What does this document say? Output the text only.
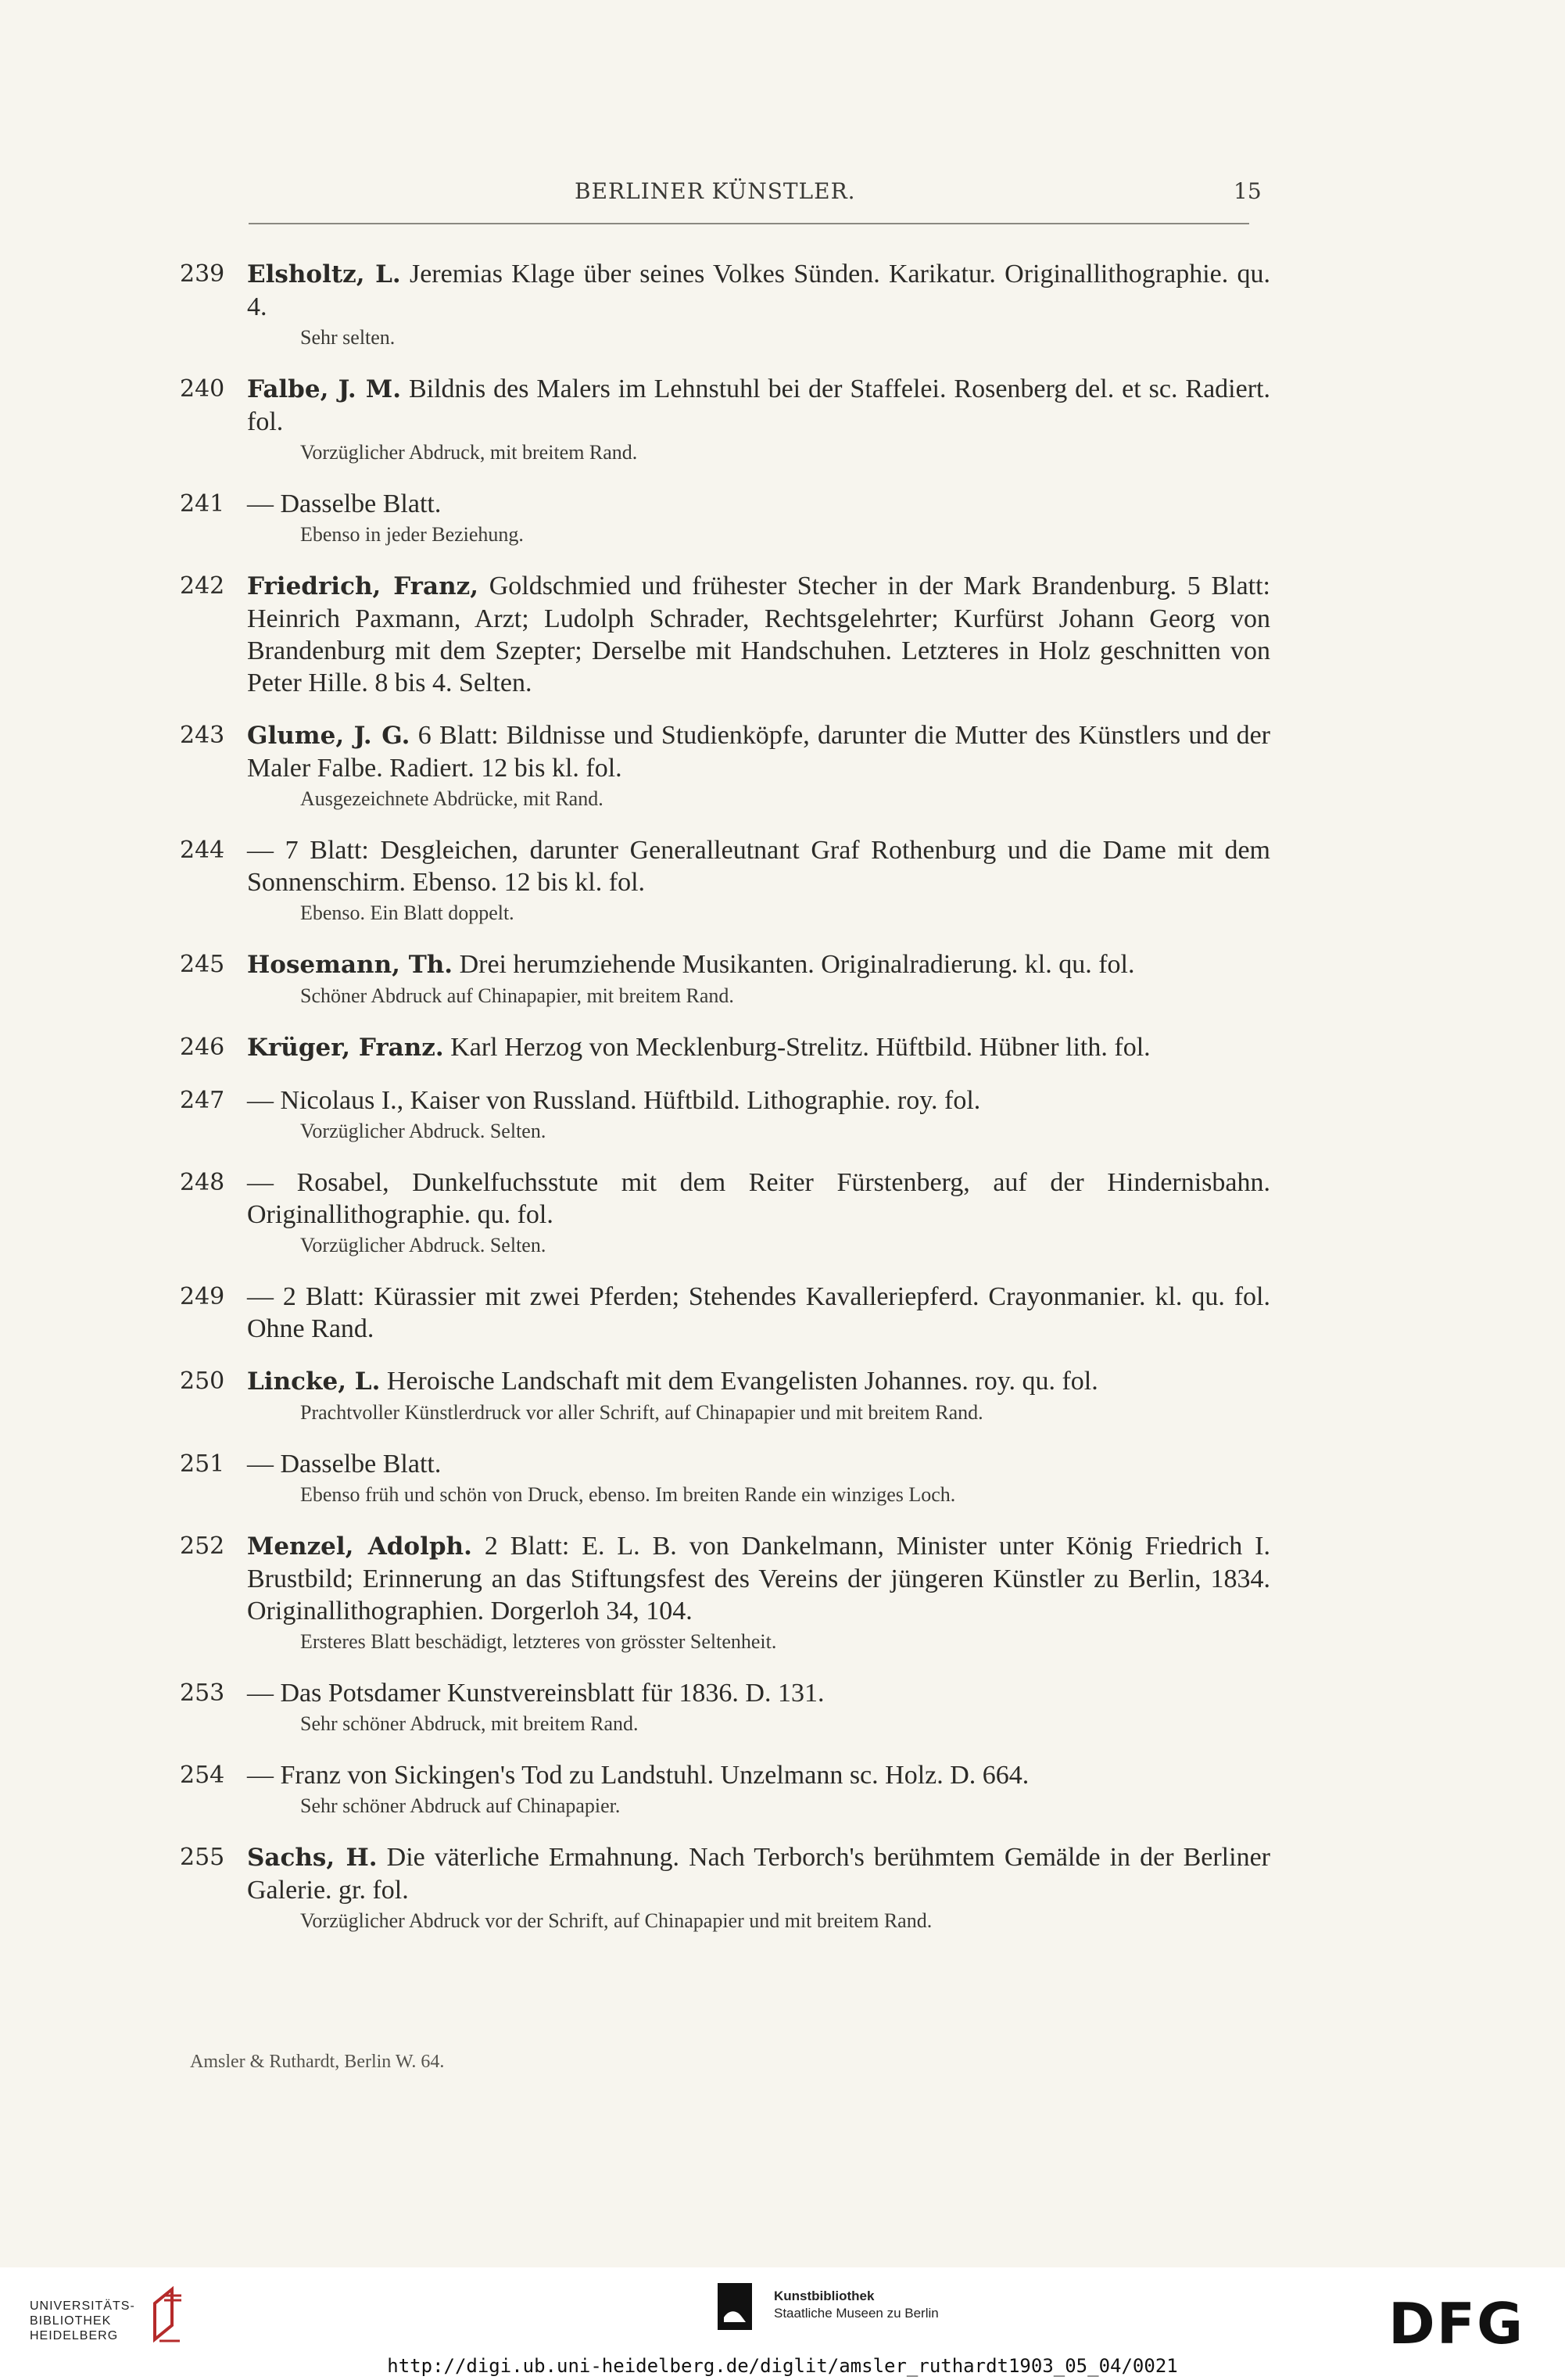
BERLINER KÜNSTLER.	15
239 Elsholtz, L. Jeremias Klage über seines Volkes Sünden. Karikatur. Originallithographie. qu. 4.
Sehr selten.
240 Falbe, J. M. Bildnis des Malers im Lehnstuhl bei der Staffelei. Rosenberg del. et sc. Radiert. fol.
Vorzüglicher Abdruck, mit breitem Rand.
241 — Dasselbe Blatt.
Ebenso in jeder Beziehung.
242 Friedrich, Franz, Goldschmied und frühester Stecher in der Mark Brandenburg. 5 Blatt: Heinrich Paxmann, Arzt; Ludolph Schrader, Rechtsgelehrter; Kurfürst Johann Georg von Brandenburg mit dem Szepter; Derselbe mit Handschuhen. Letzteres in Holz geschnitten von Peter Hille. 8 bis 4. Selten.
243 Glume, J. G. 6 Blatt: Bildnisse und Studienköpfe, darunter die Mutter des Künstlers und der Maler Falbe. Radiert. 12 bis kl. fol.
Ausgezeichnete Abdrücke, mit Rand.
244 — 7 Blatt: Desgleichen, darunter Generalleutnant Graf Rothenburg und die Dame mit dem Sonnenschirm. Ebenso. 12 bis kl. fol.
Ebenso. Ein Blatt doppelt.
245 Hosemann, Th. Drei herumziehende Musikanten. Originalradierung. kl. qu. fol.
Schöner Abdruck auf Chinapapier, mit breitem Rand.
246 Krüger, Franz. Karl Herzog von Mecklenburg-Strelitz. Hüftbild. Hübner lith. fol.
247 — Nicolaus I., Kaiser von Russland. Hüftbild. Lithographie. roy. fol.
Vorzüglicher Abdruck. Selten.
248 — Rosabel, Dunkelfuchsstute mit dem Reiter Fürstenberg, auf der Hindernisbahn. Originallithographie. qu. fol.
Vorzüglicher Abdruck. Selten.
249 — 2 Blatt: Kürassier mit zwei Pferden; Stehendes Kavalleriepferd. Crayonmanier. kl. qu. fol. Ohne Rand.
250 Lincke, L. Heroische Landschaft mit dem Evangelisten Johannes. roy. qu. fol.
Prachtvoller Künstlerdruck vor aller Schrift, auf Chinapapier und mit breitem Rand.
251 — Dasselbe Blatt.
Ebenso früh und schön von Druck, ebenso. Im breiten Rande ein winziges Loch.
252 Menzel, Adolph. 2 Blatt: E. L. B. von Dankelmann, Minister unter König Friedrich I. Brustbild; Erinnerung an das Stiftungsfest des Vereins der jüngeren Künstler zu Berlin, 1834. Originallithographien. Dorgerloh 34, 104.
Ersteres Blatt beschädigt, letzteres von grösster Seltenheit.
253 — Das Potsdamer Kunstvereinsblatt für 1836. D. 131.
Sehr schöner Abdruck, mit breitem Rand.
254 — Franz von Sickingen's Tod zu Landstuhl. Unzelmann sc. Holz. D. 664.
Sehr schöner Abdruck auf Chinapapier.
255 Sachs, H. Die väterliche Ermahnung. Nach Terborch's berühmtem Gemälde in der Berliner Galerie. gr. fol.
Vorzüglicher Abdruck vor der Schrift, auf Chinapapier und mit breitem Rand.
Amsler & Ruthardt, Berlin W. 64.
UNIVERSITÄTS-
BIBLIOTHEK
HEIDELBERG
Kunstbibliothek
Staatliche Museen zu Berlin	DFG
http://digi.ub.uni-heidelberg.de/diglit/amsler_ruthardt1903_05_04/0021
